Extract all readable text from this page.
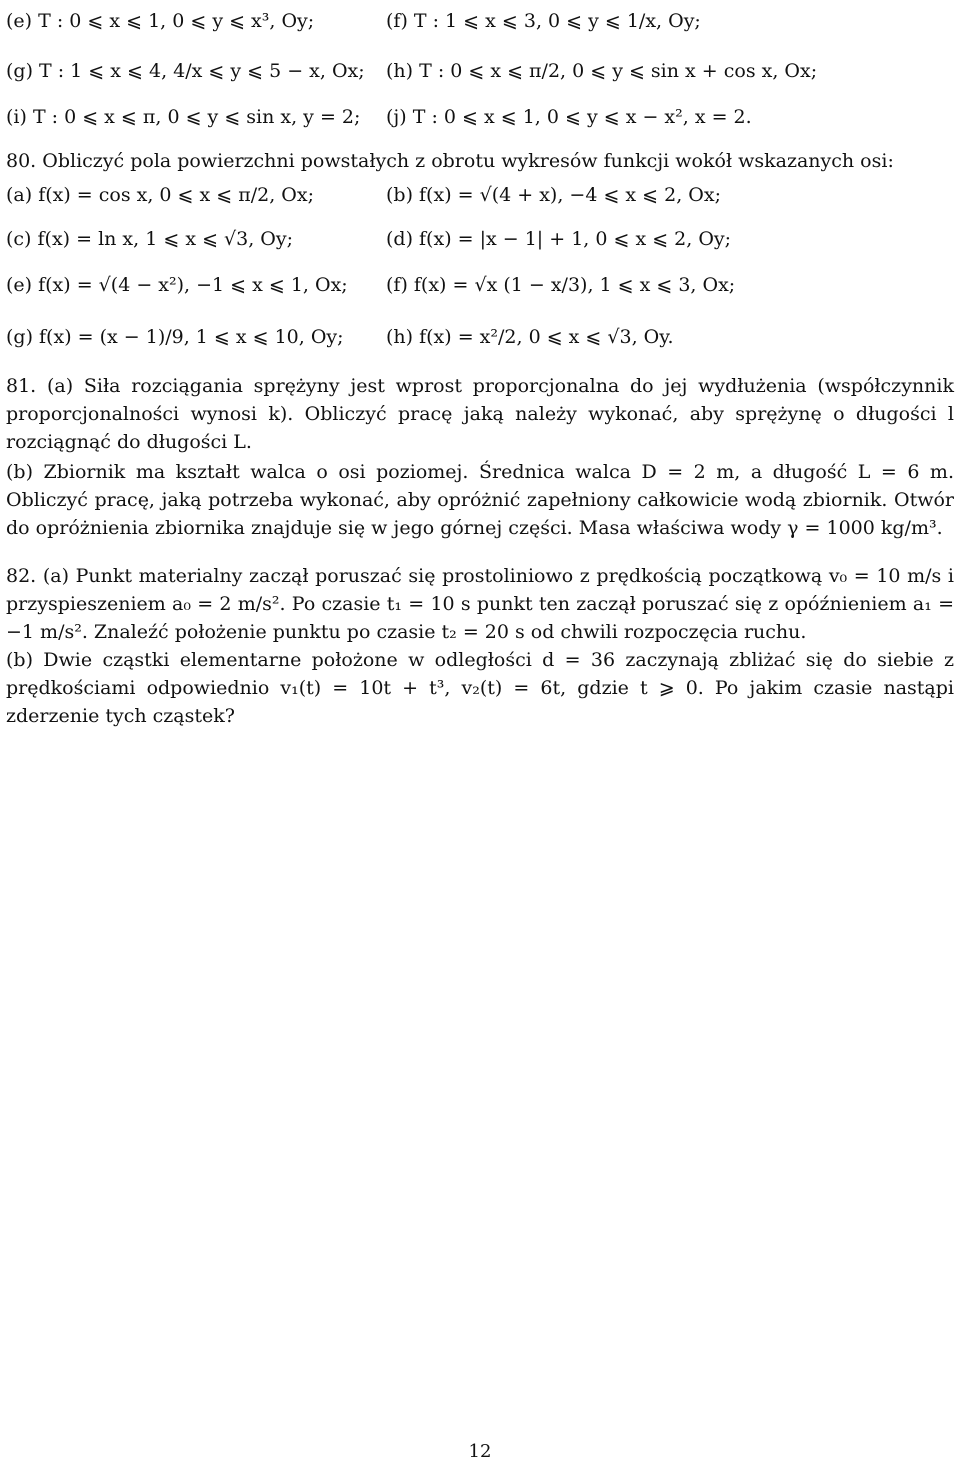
(e) T : 0 ⩽ x ⩽ 1, 0 ⩽ y ⩽ x³, Oy;	(f) T : 1 ⩽ x ⩽ 3, 0 ⩽ y ⩽ 1/x, Oy;
(g) T : 1 ⩽ x ⩽ 4, 4/x ⩽ y ⩽ 5 − x, Ox; (h) T : 0 ⩽ x ⩽ π/2, 0 ⩽ y ⩽ sin x + cos x, Ox;
(i) T : 0 ⩽ x ⩽ π, 0 ⩽ y ⩽ sin x, y = 2; (j) T : 0 ⩽ x ⩽ 1, 0 ⩽ y ⩽ x − x², x = 2.
80. Obliczyć pola powierzchni powstałych z obrotu wykresów funkcji wokół wskazanych osi:
(a) f(x) = cos x, 0 ⩽ x ⩽ π/2, Ox;	(b) f(x) = √(4 + x), −4 ⩽ x ⩽ 2, Ox;
(c) f(x) = ln x, 1 ⩽ x ⩽ √3, Oy;	(d) f(x) = |x − 1| + 1, 0 ⩽ x ⩽ 2, Oy;
(e) f(x) = √(4 − x²), −1 ⩽ x ⩽ 1, Ox; (f) f(x) = √x (1 − x/3), 1 ⩽ x ⩽ 3, Ox;
(g) f(x) = (x − 1)/9, 1 ⩽ x ⩽ 10, Oy; (h) f(x) = x²/2, 0 ⩽ x ⩽ √3, Oy.
81. (a) Siła rozciągania sprężyny jest wprost proporcjonalna do jej wydłużenia (współczynnik proporcjonalności wynosi k). Obliczyć pracę jaką należy wykonać, aby sprężynę o długości l rozciągnąć do długości L.
(b) Zbiornik ma kształt walca o osi poziomej. Średnica walca D = 2 m, a długość L = 6 m. Obliczyć pracę, jaką potrzeba wykonać, aby opróżnić zapełniony całkowicie wodą zbiornik. Otwór do opróżnienia zbiornika znajduje się w jego górnej części. Masa właściwa wody γ = 1000 kg/m³.
82. (a) Punkt materialny zaczął poruszać się prostoliniowo z prędkością początkową v₀ = 10 m/s i przyspieszeniem a₀ = 2 m/s². Po czasie t₁ = 10 s punkt ten zaczął poruszać się z opóźnieniem a₁ = −1 m/s². Znaleźć położenie punktu po czasie t₂ = 20 s od chwili rozpoczęcia ruchu.
(b) Dwie cząstki elementarne położone w odległości d = 36 zaczynają zbliżać się do siebie z prędkościami odpowiednio v₁(t) = 10t + t³, v₂(t) = 6t, gdzie t ⩾ 0. Po jakim czasie nastąpi zderzenie tych cząstek?
12
